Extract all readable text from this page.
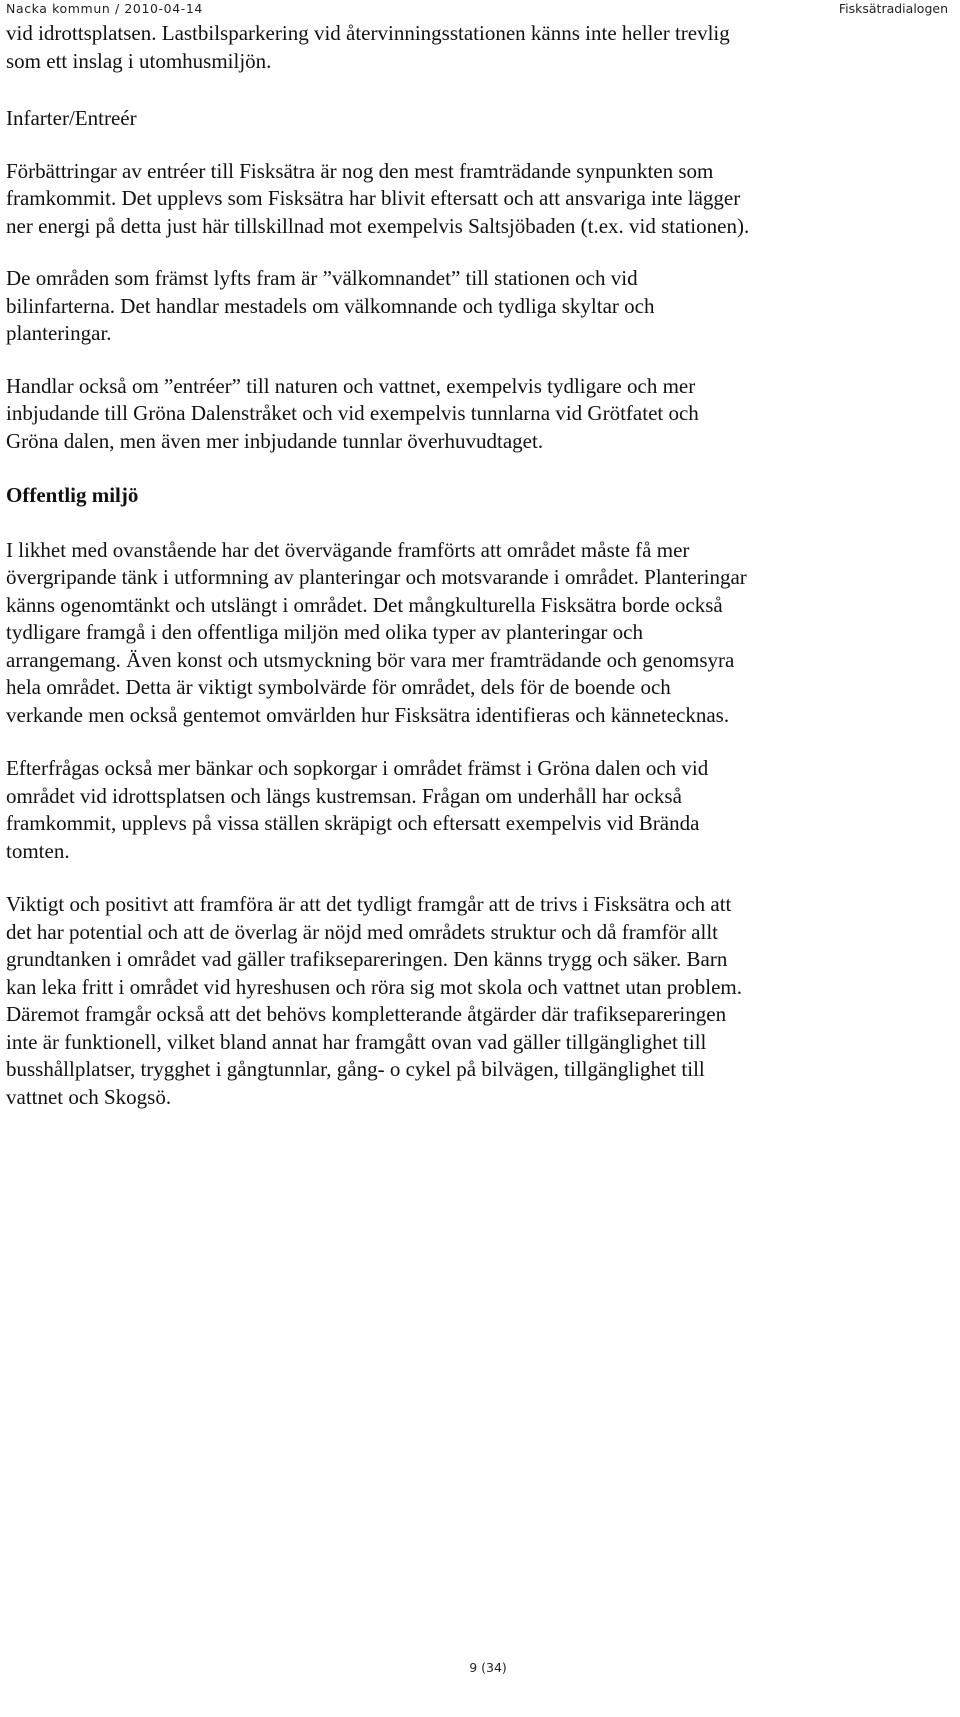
Nacka kommun / 2010-04-14	Fisksätradialogen

vid idrottsplatsen. Lastbilsparkering vid återvinningsstationen känns inte heller trevlig
som ett inslag i utomhusmiljön.

Infarter/Entreér

Förbättringar av entréer till Fisksätra är nog den mest framträdande synpunkten som
framkommit. Det upplevs som Fisksätra har blivit eftersatt och att ansvariga inte lägger
ner energi på detta just här tillskillnad mot exempelvis Saltsjöbaden (t.ex. vid stationen).

De områden som främst lyfts fram är ”välkomnandet” till stationen och vid
bilinfarterna. Det handlar mestadels om välkomnande och tydliga skyltar och
planteringar.

Handlar också om ”entréer” till naturen och vattnet, exempelvis tydligare och mer
inbjudande till Gröna Dalenstråket och vid exempelvis tunnlarna vid Grötfatet och
Gröna dalen, men även mer inbjudande tunnlar överhuvudtaget.

Offentlig miljö

I likhet med ovanstående har det övervägande framförts att området måste få mer
övergripande tänk i utformning av planteringar och motsvarande i området. Planteringar
känns ogenomtänkt och utslängt i området. Det mångkulturella Fisksätra borde också
tydligare framgå i den offentliga miljön med olika typer av planteringar och
arrangemang. Även konst och utsmyckning bör vara mer framträdande och genomsyra
hela området. Detta är viktigt symbolvärde för området, dels för de boende och
verkande men också gentemot omvärlden hur Fisksätra identifieras och kännetecknas.

Efterfrågas också mer bänkar och sopkorgar i området främst i Gröna dalen och vid
området vid idrottsplatsen och längs kustremsan. Frågan om underhåll har också
framkommit, upplevs på vissa ställen skräpigt och eftersatt exempelvis vid Brända
tomten.

Viktigt och positivt att framföra är att det tydligt framgår att de trivs i Fisksätra och att
det har potential och att de överlag är nöjd med områdets struktur och då framför allt
grundtanken i området vad gäller trafiksepareringen. Den känns trygg och säker. Barn
kan leka fritt i området vid hyreshusen och röra sig mot skola och vattnet utan problem.
Däremot framgår också att det behövs kompletterande åtgärder där trafiksepareringen
inte är funktionell, vilket bland annat har framgått ovan vad gäller tillgänglighet till
busshållplatser, trygghet i gångtunnlar, gång- o cykel på bilvägen, tillgänglighet till
vattnet och Skogsö.

9 (34)
